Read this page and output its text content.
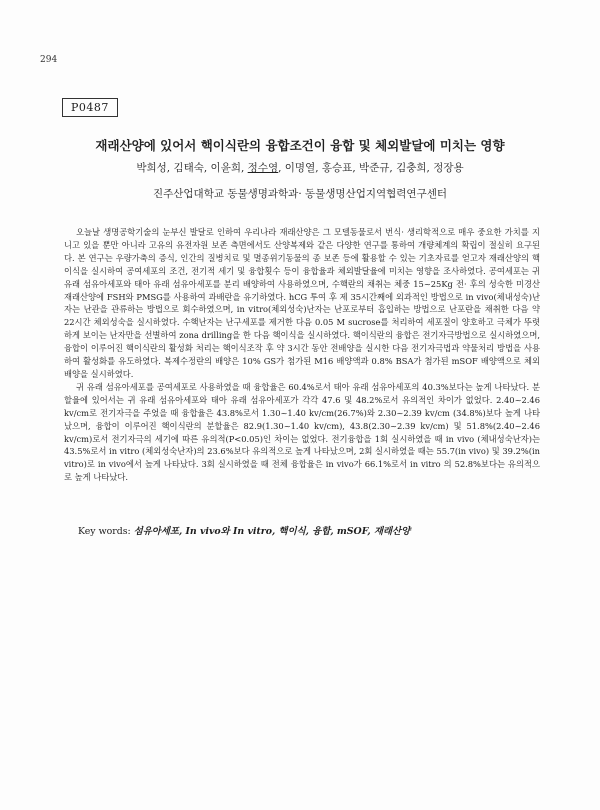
294
P0487
재래산양에 있어서 핵이식란의 융합조건이 융합 및 체외발달에 미치는 영향
박희성, 김태숙, 이윤희, 정수영, 이명열, 홍승표, 박준규, 김충희, 정장용
진주산업대학교 동물생명과학과· 동물생명산업지역협력연구센터

오늘날 생명공학기술의 눈부신 발달로 인하여 우리나라 재래산양은 그 모델동물로서 번식· 생리학적으로 매우 중요한 가치를 지니고 있을 뿐만 아니라 고유의 유전자원 보존 측면에서도 산양복제와 같은 다양한 연구를 통하여 개량체계의 확립이 절실히 요구된다. 본 연구는 우량가축의 증식, 인간의 질병치료 및 멸종위기동물의 종 보존 등에 활용할 수 있는 기초자료를 얻고자 재래산양의 핵이식을 실시하여 공여세포의 조건, 전기적 세기 및 융합횟수 등이 융합율과 체외발달율에 미치는 영향을 조사하였다. 공여세포는 귀 유래 섬유아세포와 태아 유래 섬유아세포를 분리 배양하여 사용하였으며, 수핵란의 채취는 체중 15~25Kg 전· 후의 성숙한 미경산 재래산양에 FSH와 PMSG를 사용하여 과배란을 유기하였다. hCG 투여 후 제 35시간째에 외과적인 방법으로 in vivo(체내성숙)난자는 난관을 관류하는 방법으로 회수하였으며, in vitro(체외성숙)난자는 난포로부터 흡입하는 방법으로 난포란을 채취한 다음 약 22시간 체외성숙을 실시하였다. 수핵난자는 난구세포를 제거한 다음 0.05 M sucrose를 처리하여 세포질이 양호하고 극체가 뚜렷하게 보이는 난자만을 선별하여 zona drilling을 한 다음 핵이식을 실시하였다. 핵이식란의 융합은 전기자극방법으로 실시하였으며, 융합이 이루어진 핵이식란의 활성화 처리는 핵이식조작 후 약 3시간 동안 전배양을 실시한 다음 전기자극법과 약물처리 방법을 사용하여 활성화를 유도하였다. 복제수정란의 배양은 10% GS가 첨가된 M16 배양액과 0.8% BSA가 첨가된 mSOF 배양액으로 체외배양을 실시하였다.

귀 유래 섬유아세포를 공여세포로 사용하였을 때 융합율은 60.4%로서 태아 유래 섬유아세포의 40.3%보다는 높게 나타났다. 분할율에 있어서는 귀 유래 섬유아세포와 태아 유래 섬유아세포가 각각 47.6 및 48.2%로서 유의적인 차이가 없었다. 2.40~2.46 kv/cm로 전기자극을 주었을 때 융합율은 43.8%로서 1.30~1.40 kv/cm(26.7%)와 2.30~2.39 kv/cm (34.8%)보다 높게 나타났으며, 융합이 이루어진 핵이식란의 분할율은 82.9(1.30~1.40 kv/cm), 43.8(2.30~2.39 kv/cm) 및 51.8%(2.40~2.46 kv/cm)로서 전기자극의 세기에 따른 유의적(P<0.05)인 차이는 없었다. 전기융합을 1회 실시하였을 때 in vivo (체내성숙난자)는 43.5%로서 in vitro (체외성숙난자)의 23.6%보다 유의적으로 높게 나타났으며, 2회 실시하였을 때는 55.7(in vivo) 및 39.2%(in vitro)로 in vivo에서 높게 나타났다. 3회 실시하였을 때 전체 융합율은 in vivo가 66.1%로서 in vitro 의 52.8%보다는 유의적으로 높게 나타났다.

Key words: 섬유아세포, In vivo와 In vitro, 핵이식, 융합, mSOF, 재래산양
